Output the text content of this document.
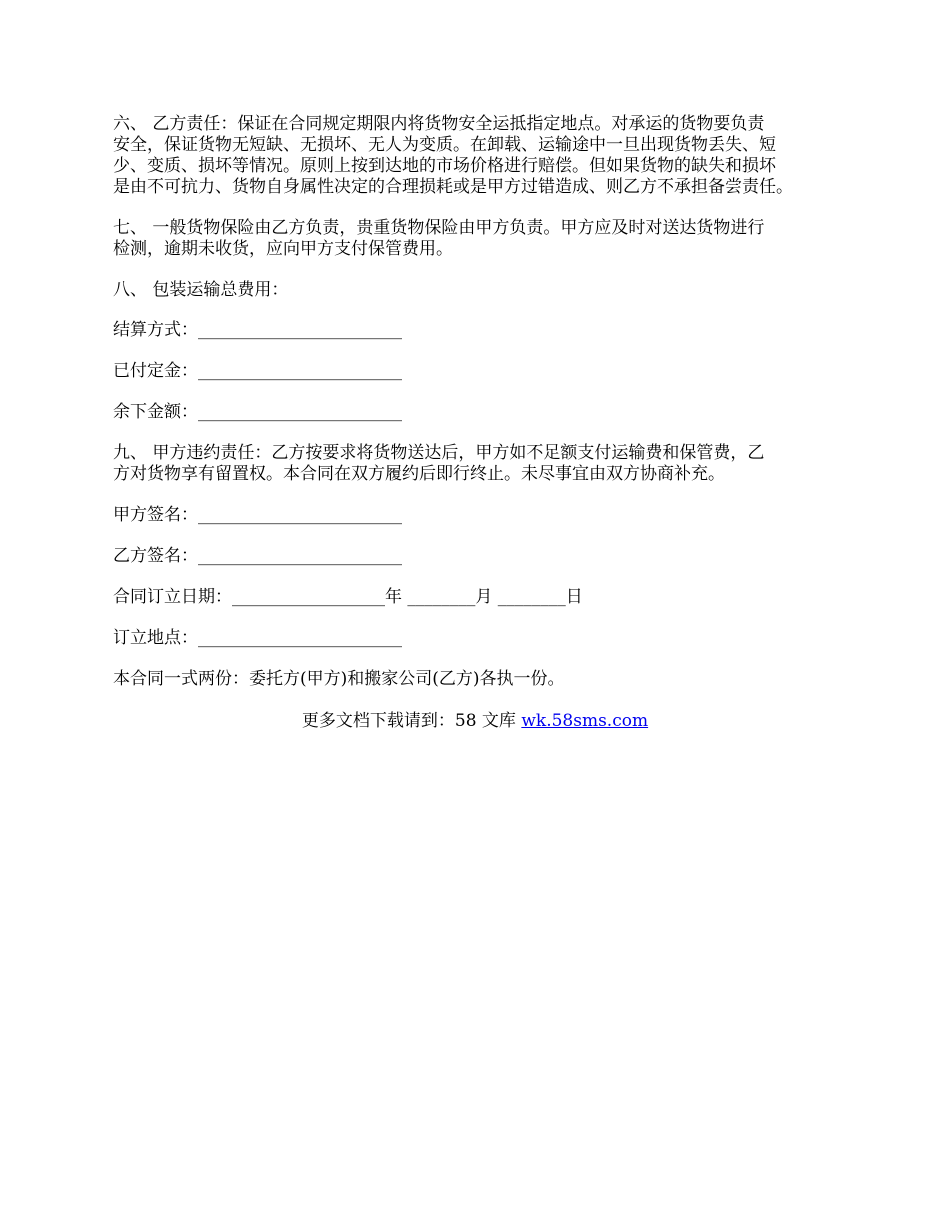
六、 乙方责任：保证在合同规定期限内将货物安全运抵指定地点。对承运的货物要负责
安全，保证货物无短缺、无损坏、无人为变质。在卸载、运输途中一旦出现货物丢失、短
少、变质、损坏等情况。原则上按到达地的市场价格进行赔偿。但如果货物的缺失和损坏
是由不可抗力、货物自身属性决定的合理损耗或是甲方过错造成、则乙方不承担备尝责任。
七、 一般货物保险由乙方负责，贵重货物保险由甲方负责。甲方应及时对送达货物进行
检测，逾期未收货，应向甲方支付保管费用。
八、 包装运输总费用：
结算方式：________________________
已付定金：________________________
余下金额：________________________
九、 甲方违约责任：乙方按要求将货物送达后，甲方如不足额支付运输费和保管费，乙
方对货物享有留置权。本合同在双方履约后即行终止。未尽事宜由双方协商补充。
甲方签名：________________________
乙方签名：________________________
合同订立日期：__________________年 ________月 ________日
订立地点：________________________
本合同一式两份：委托方(甲方)和搬家公司(乙方)各执一份。
更多文档下载请到：58 文库 wk.58sms.com
